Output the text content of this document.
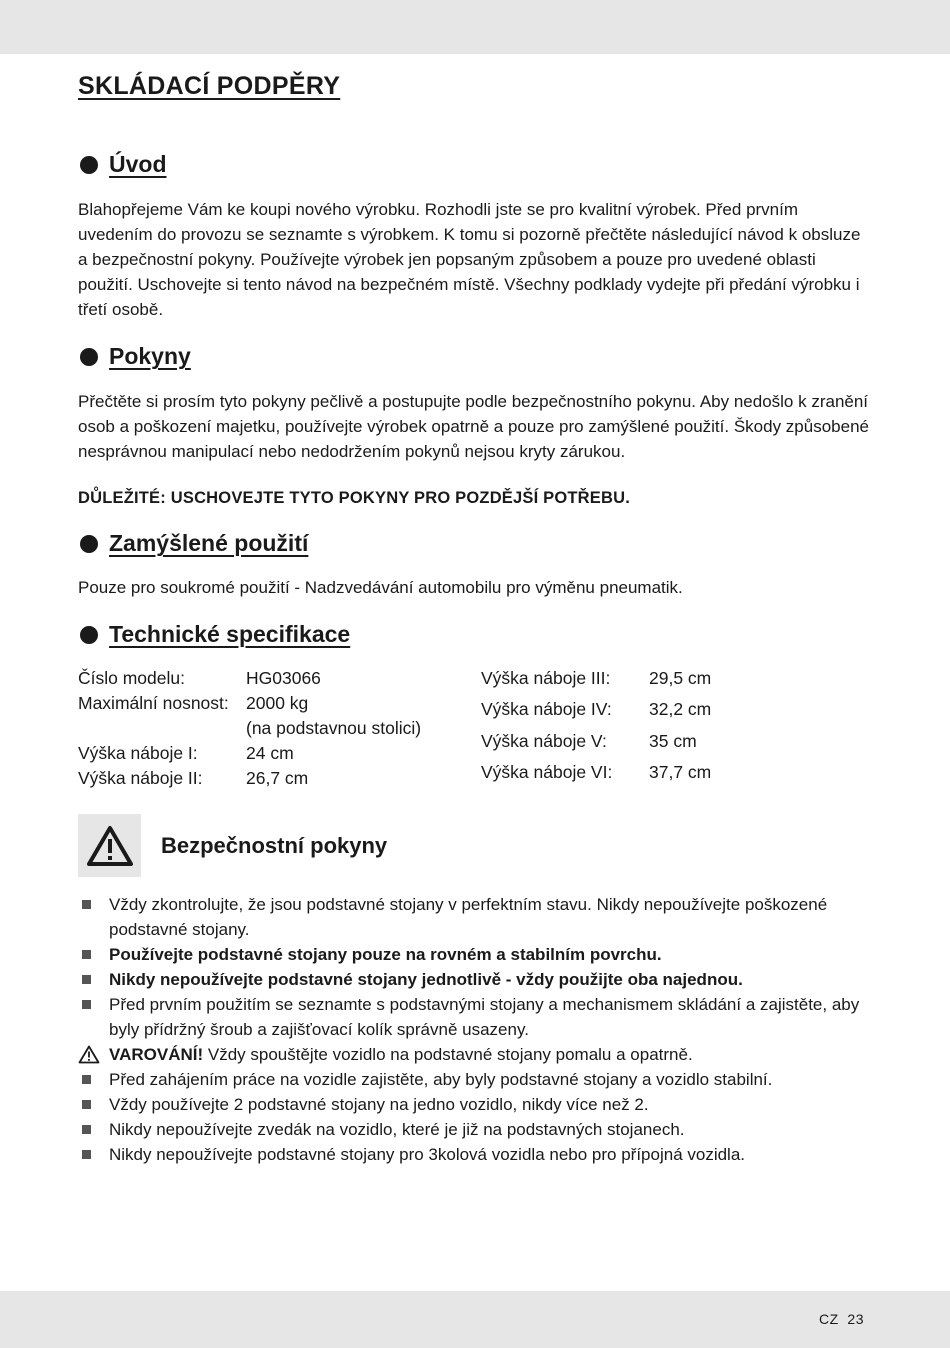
SKLÁDACÍ PODPĚRY
Úvod

Blahopřejeme Vám ke koupi nového výrobku. Rozhodli jste se pro kvalitní výrobek. Před prvním uvedením do provozu se seznamte s výrobkem. K tomu si pozorně přečtěte následující návod k obsluze a bezpečnostní pokyny. Používejte výrobek jen popsaným způsobem a pouze pro uvedené oblasti použití. Uschovejte si tento návod na bezpečném místě. Všechny podklady vydejte při předání výrobku i třetí osobě.

Pokyny

Přečtěte si prosím tyto pokyny pečlivě a postupujte podle bezpečnostního pokynu. Aby nedošlo k zranění osob a poškození majetku, používejte výrobek opatrně a pouze pro zamýšlené použití. Škody způsobené nesprávnou manipulací nebo nedodržením pokynů nejsou kryty zárukou.

DŮLEŽITÉ: USCHOVEJTE TYTO POKYNY PRO POZDĚJŠÍ POTŘEBU.

Zamýšlené použití

Pouze pro soukromé použití - Nadzvedávání automobilu pro výměnu pneumatik.

Technické specifikace
Číslo modelu:	HG03066
Maximální nosnost: 2000 kg
(na podstavnou stolici)
Výška náboje I:	24 cm
Výška náboje II:	26,7 cm
Výška náboje III:	29,5 cm
Výška náboje IV:	32,2 cm
Výška náboje V:	35 cm
Výška náboje VI:	37,7 cm
Bezpečnostní pokyny
Vždy zkontrolujte, že jsou podstavné stojany v perfektním stavu. Nikdy nepoužívejte poškozené podstavné stojany.
Používejte podstavné stojany pouze na rovném a stabilním povrchu.
Nikdy nepoužívejte podstavné stojany jednotlivě - vždy použijte oba najednou.
Před prvním použitím se seznamte s podstavnými stojany a mechanismem skládání a zajistěte, aby byly přídržný šroub a zajišťovací kolík správně usazeny.
VAROVÁNÍ! Vždy spouštějte vozidlo na podstavné stojany pomalu a opatrně.
Před zahájením práce na vozidle zajistěte, aby byly podstavné stojany a vozidlo stabilní.
Vždy používejte 2 podstavné stojany na jedno vozidlo, nikdy více než 2.
Nikdy nepoužívejte zvedák na vozidlo, které je již na podstavných stojanech.
Nikdy nepoužívejte podstavné stojany pro 3kolová vozidla nebo pro přípojná vozidla.
CZ 23
